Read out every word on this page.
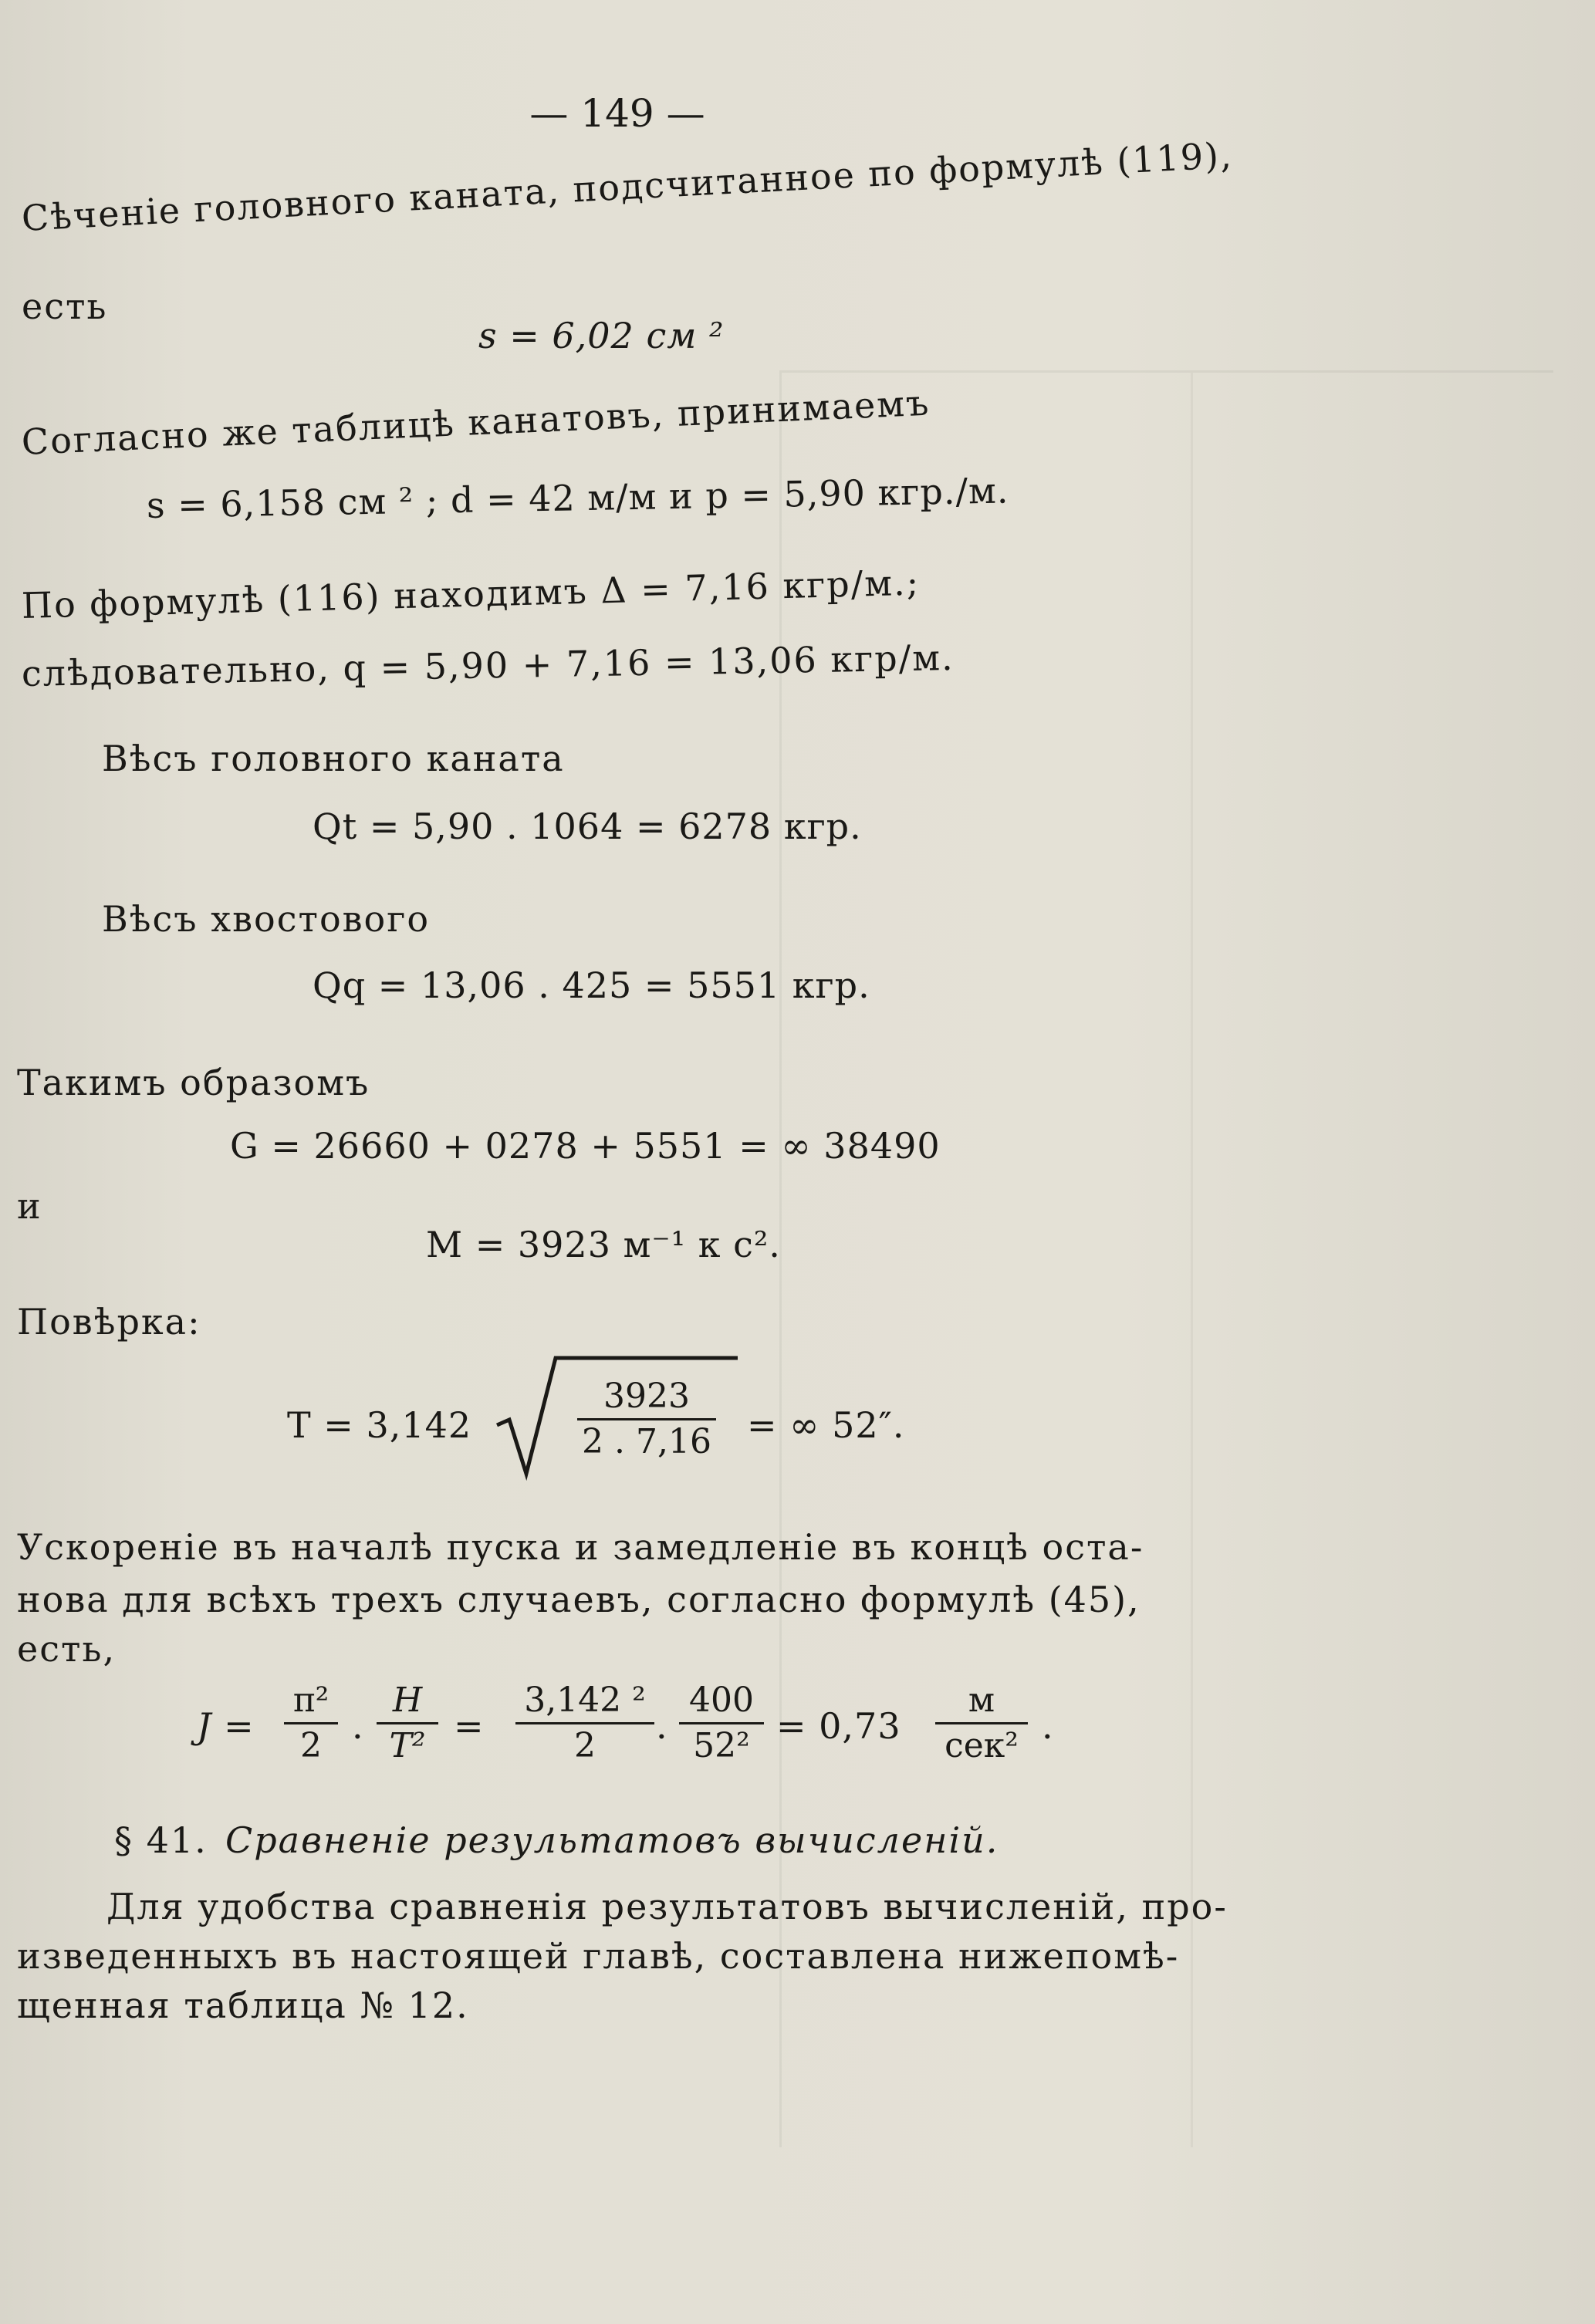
— 149 —
Сѣченіе головного каната, подсчитанное по формулѣ (119),
есть
s = 6,02 см ²
Согласно же таблицѣ канатовъ, принимаемъ
s = 6,158 см ² ; d = 42 м/м и p = 5,90 кгр./м.
По формулѣ (116) находимъ Δ = 7,16 кгр/м.;
слѣдовательно, q = 5,90 + 7,16 = 13,06 кгр/м.
Вѣсъ головного каната
Qt = 5,90 . 1064 = 6278 кгр.
Вѣсъ хвостового
Qq = 13,06 . 425 = 5551 кгр.
Такимъ образомъ
G = 26660 + 0278 + 5551 = ∞ 38490
и
M = 3923 м⁻¹ к с².
Повѣрка:
T = 3,142	$\frac{3923}{2 . 7,16}$ = ∞ 52″.
Ускореніе въ началѣ пуска и замедленіе въ концѣ оста-
нова для всѣхъ трехъ случаевъ, согласно формулѣ (45),
есть,
$J = \frac{\text{π²}}{2}$ . $\frac{H}{\text{T²}} = \frac{\text{3,142 ²}}{2}$ . $\frac{400}{\text{52²}} = 0,73$
м
сек² .
§ 41. Сравненіе результатовъ вычисленій.
Для удобства сравненія результатовъ вычисленій, про-
изведенныхъ въ настоящей главѣ, составлена нижепомѣ-
щенная таблица № 12.
